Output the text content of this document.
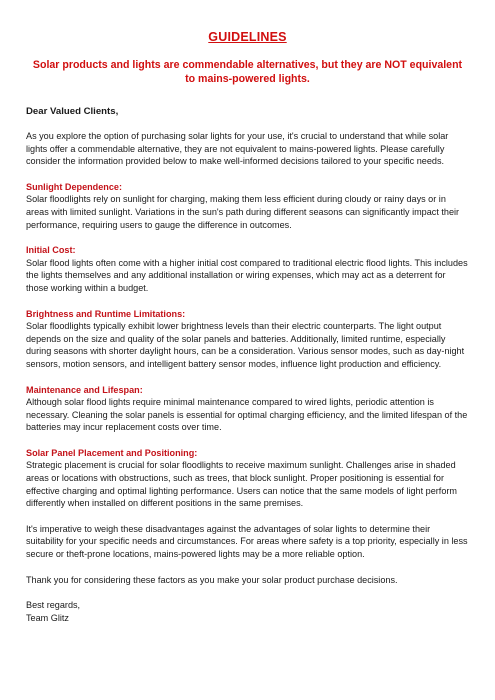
GUIDELINES
Solar products and lights are commendable alternatives, but they are NOT equivalent to mains-powered lights.
Dear Valued Clients,

As you explore the option of purchasing solar lights for your use, it's crucial to understand that while solar lights offer a commendable alternative, they are not equivalent to mains-powered lights. Please carefully consider the information provided below to make well-informed decisions tailored to your specific needs.

Sunlight Dependence:

Solar floodlights rely on sunlight for charging, making them less efficient during cloudy or rainy days or in areas with limited sunlight. Variations in the sun's path during different seasons can significantly impact their performance, requiring users to gauge the difference in outcomes.

Initial Cost:

Solar flood lights often come with a higher initial cost compared to traditional electric flood lights. This includes the lights themselves and any additional installation or wiring expenses, which may act as a deterrent for those working within a budget.

Brightness and Runtime Limitations:

Solar floodlights typically exhibit lower brightness levels than their electric counterparts. The light output depends on the size and quality of the solar panels and batteries. Additionally, limited runtime, especially during seasons with shorter daylight hours, can be a consideration. Various sensor modes, such as day-night sensors, motion sensors, and intelligent battery sensor modes, influence light production and efficiency.

Maintenance and Lifespan:

Although solar flood lights require minimal maintenance compared to wired lights, periodic attention is necessary. Cleaning the solar panels is essential for optimal charging efficiency, and the limited lifespan of the batteries may incur replacement costs over time.

Solar Panel Placement and Positioning:

Strategic placement is crucial for solar floodlights to receive maximum sunlight. Challenges arise in shaded areas or locations with obstructions, such as trees, that block sunlight. Proper positioning is essential for effective charging and optimal lighting performance. Users can notice that the same models of light perform differently when installed on different positions in the same premises.

It's imperative to weigh these disadvantages against the advantages of solar lights to determine their suitability for your specific needs and circumstances. For areas where safety is a top priority, especially in less secure or theft-prone locations, mains-powered lights may be a more reliable option.

Thank you for considering these factors as you make your solar product purchase decisions.

Best regards,

Team Glitz
